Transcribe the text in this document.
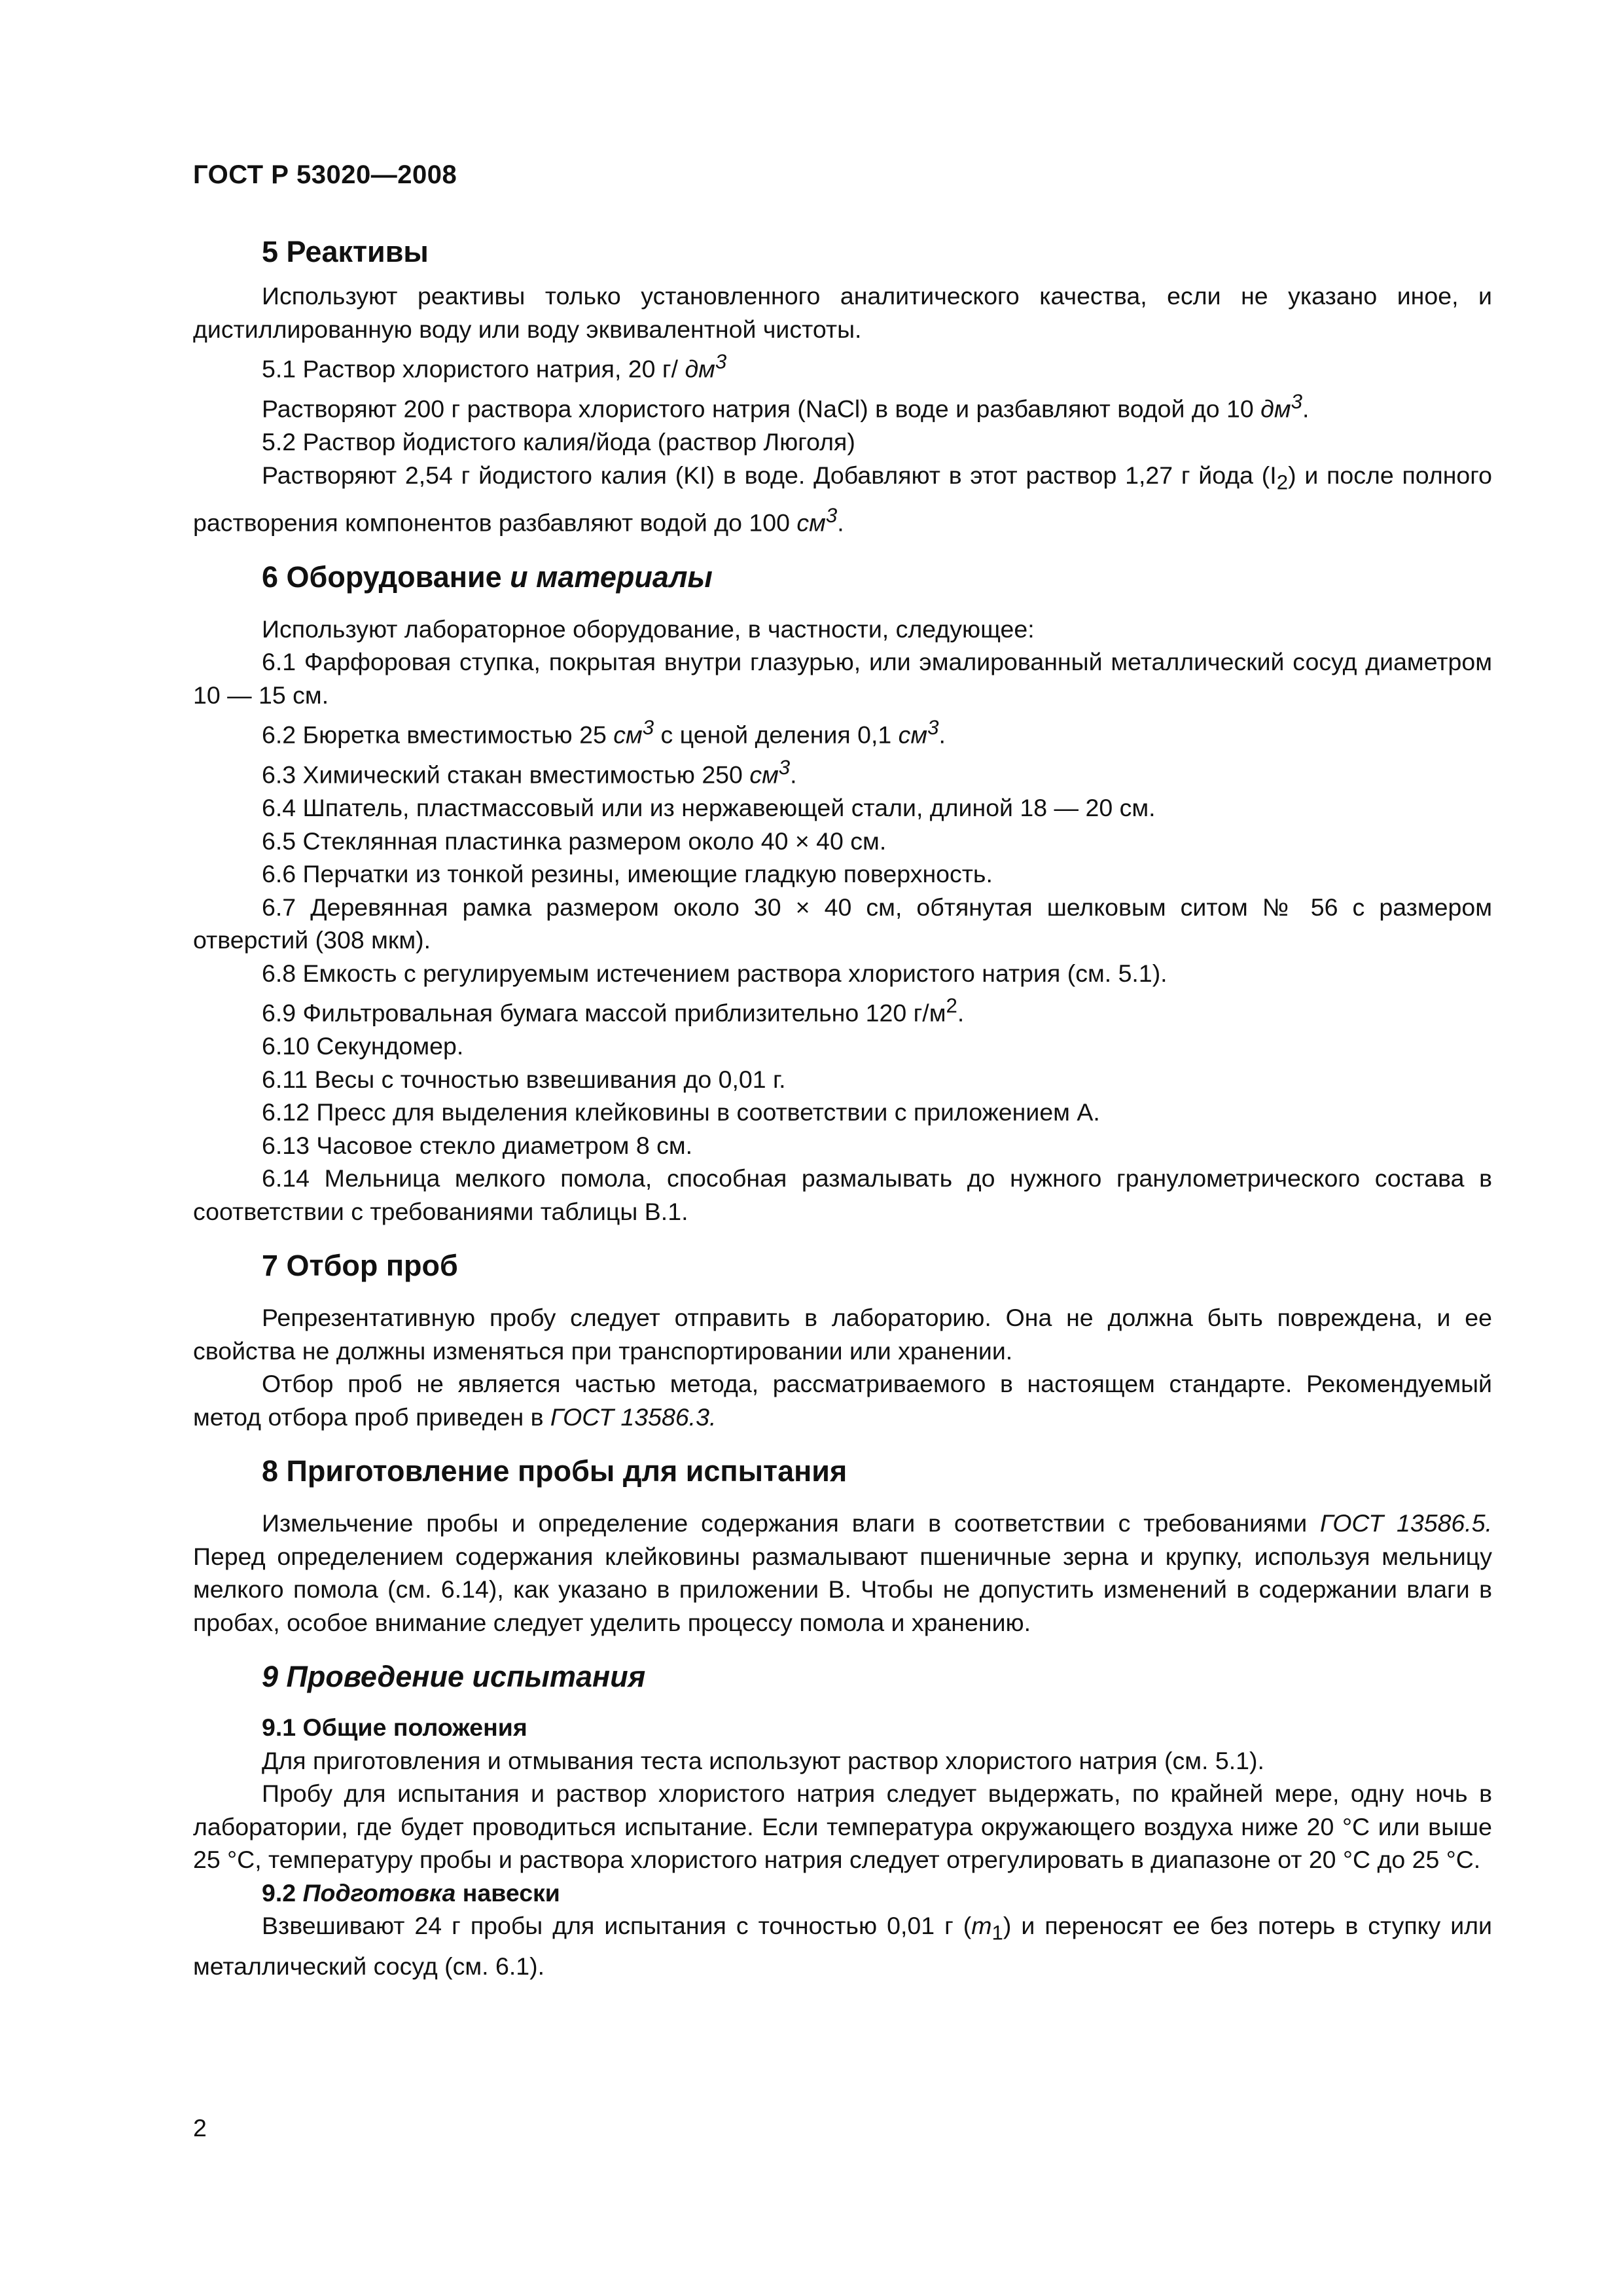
ГОСТ Р 53020—2008
5 Реактивы

Используют реактивы только установленного аналитического качества, если не указано иное, и дистиллированную воду или воду эквивалентной чистоты.

5.1 Раствор хлористого натрия, 20 г/ $дм^3$

Растворяют 200 г раствора хлористого натрия (NaCl) в воде и разбавляют водой до 10 $дм^3$.

5.2 Раствор йодистого калия/йода (раствор Люголя)

Растворяют 2,54 г йодистого калия (KI) в воде. Добавляют в этот раствор 1,27 г йода $(I_2)$ и после полного растворения компонентов разбавляют водой до 100 $см^3$.

6 Оборудование и материалы

Используют лабораторное оборудование, в частности, следующее:

6.1 Фарфоровая ступка, покрытая внутри глазурью, или эмалированный металлический сосуд диаметром 10 — 15 см.

6.2 Бюретка вместимостью 25 $см^3$ с ценой деления 0,1 $см^3$.

6.3 Химический стакан вместимостью 250 $см^3$.

6.4 Шпатель, пластмассовый или из нержавеющей стали, длиной 18 — 20 см.

6.5 Стеклянная пластинка размером около 40 × 40 см.

6.6 Перчатки из тонкой резины, имеющие гладкую поверхность.

6.7 Деревянная рамка размером около 30 × 40 см, обтянутая шелковым ситом № 56 с размером отверстий (308 мкм).

6.8 Емкость с регулируемым истечением раствора хлористого натрия (см. 5.1).

6.9 Фильтровальная бумага массой приблизительно 120 $г/м^2$.

6.10 Секундомер.

6.11 Весы с точностью взвешивания до 0,01 г.

6.12 Пресс для выделения клейковины в соответствии с приложением А.

6.13 Часовое стекло диаметром 8 см.

6.14 Мельница мелкого помола, способная размалывать до нужного гранулометрического состава в соответствии с требованиями таблицы В.1.

7 Отбор проб

Репрезентативную пробу следует отправить в лабораторию. Она не должна быть повреждена, и ее свойства не должны изменяться при транспортировании или хранении.

Отбор проб не является частью метода, рассматриваемого в настоящем стандарте. Рекомендуемый метод отбора проб приведен в ГОСТ 13586.3.

8 Приготовление пробы для испытания

Измельчение пробы и определение содержания влаги в соответствии с требованиями ГОСТ 13586.5. Перед определением содержания клейковины размалывают пшеничные зерна и крупку, используя мельницу мелкого помола (см. 6.14), как указано в приложении В. Чтобы не допустить изменений в содержании влаги в пробах, особое внимание следует уделить процессу помола и хранению.

9 Проведение испытания
9.1 Общие положения

Для приготовления и отмывания теста используют раствор хлористого натрия (см. 5.1).

Пробу для испытания и раствор хлористого натрия следует выдержать, по крайней мере, одну ночь в лаборатории, где будет проводиться испытание. Если температура окружающего воздуха ниже 20 °С или выше 25 °С, температуру пробы и раствора хлористого натрия следует отрегулировать в диапазоне от 20 °С до 25 °С.

9.2 Подготовка навески

Взвешивают 24 г пробы для испытания с точностью 0,01 г $(m_1)$ и переносят ее без потерь в ступку или металлический сосуд (см. 6.1).

2
